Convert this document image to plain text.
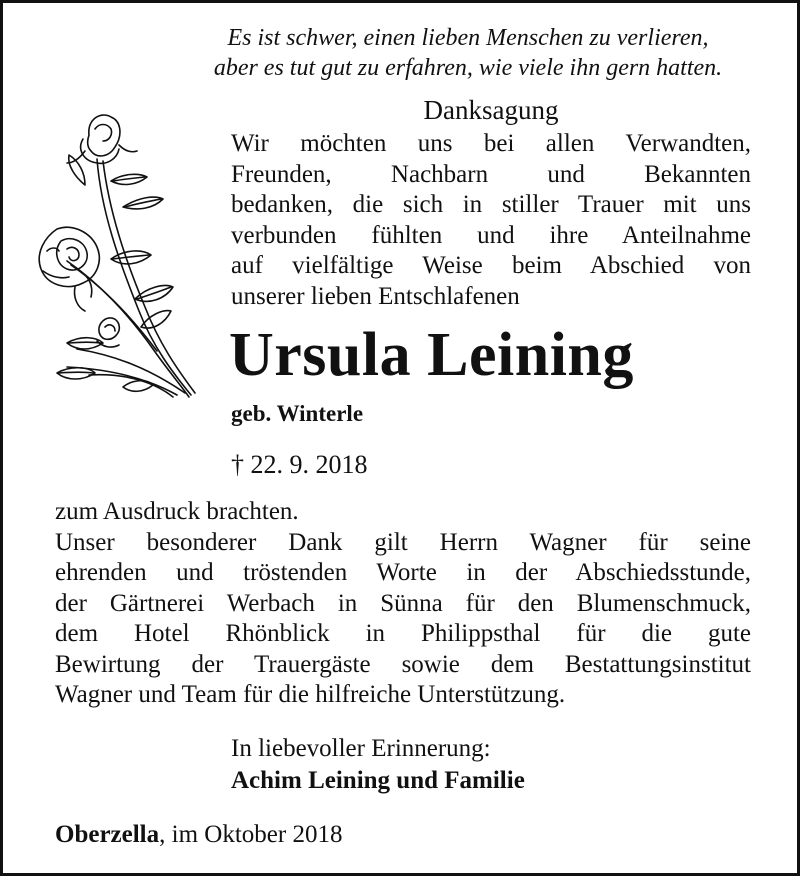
Es ist schwer, einen lieben Menschen zu verlieren,
aber es tut gut zu erfahren, wie viele ihn gern hatten.
Danksagung
Wir möchten uns bei allen Verwandten,
Freunden, Nachbarn und Bekannten
bedanken, die sich in stiller Trauer mit uns
verbunden fühlten und ihre Anteilnahme
auf vielfältige Weise beim Abschied von
unserer lieben Entschlafenen
Ursula Leining
geb. Winterle
† 22. 9. 2018
zum Ausdruck brachten.
Unser besonderer Dank gilt Herrn Wagner für seine
ehrenden und tröstenden Worte in der Abschiedsstunde,
der Gärtnerei Werbach in Sünna für den Blumenschmuck,
dem Hotel Rhönblick in Philippsthal für die gute
Bewirtung der Trauergäste sowie dem Bestattungsinstitut
Wagner und Team für die hilfreiche Unterstützung.
In liebevoller Erinnerung:
Achim Leining und Familie
Oberzella, im Oktober 2018
